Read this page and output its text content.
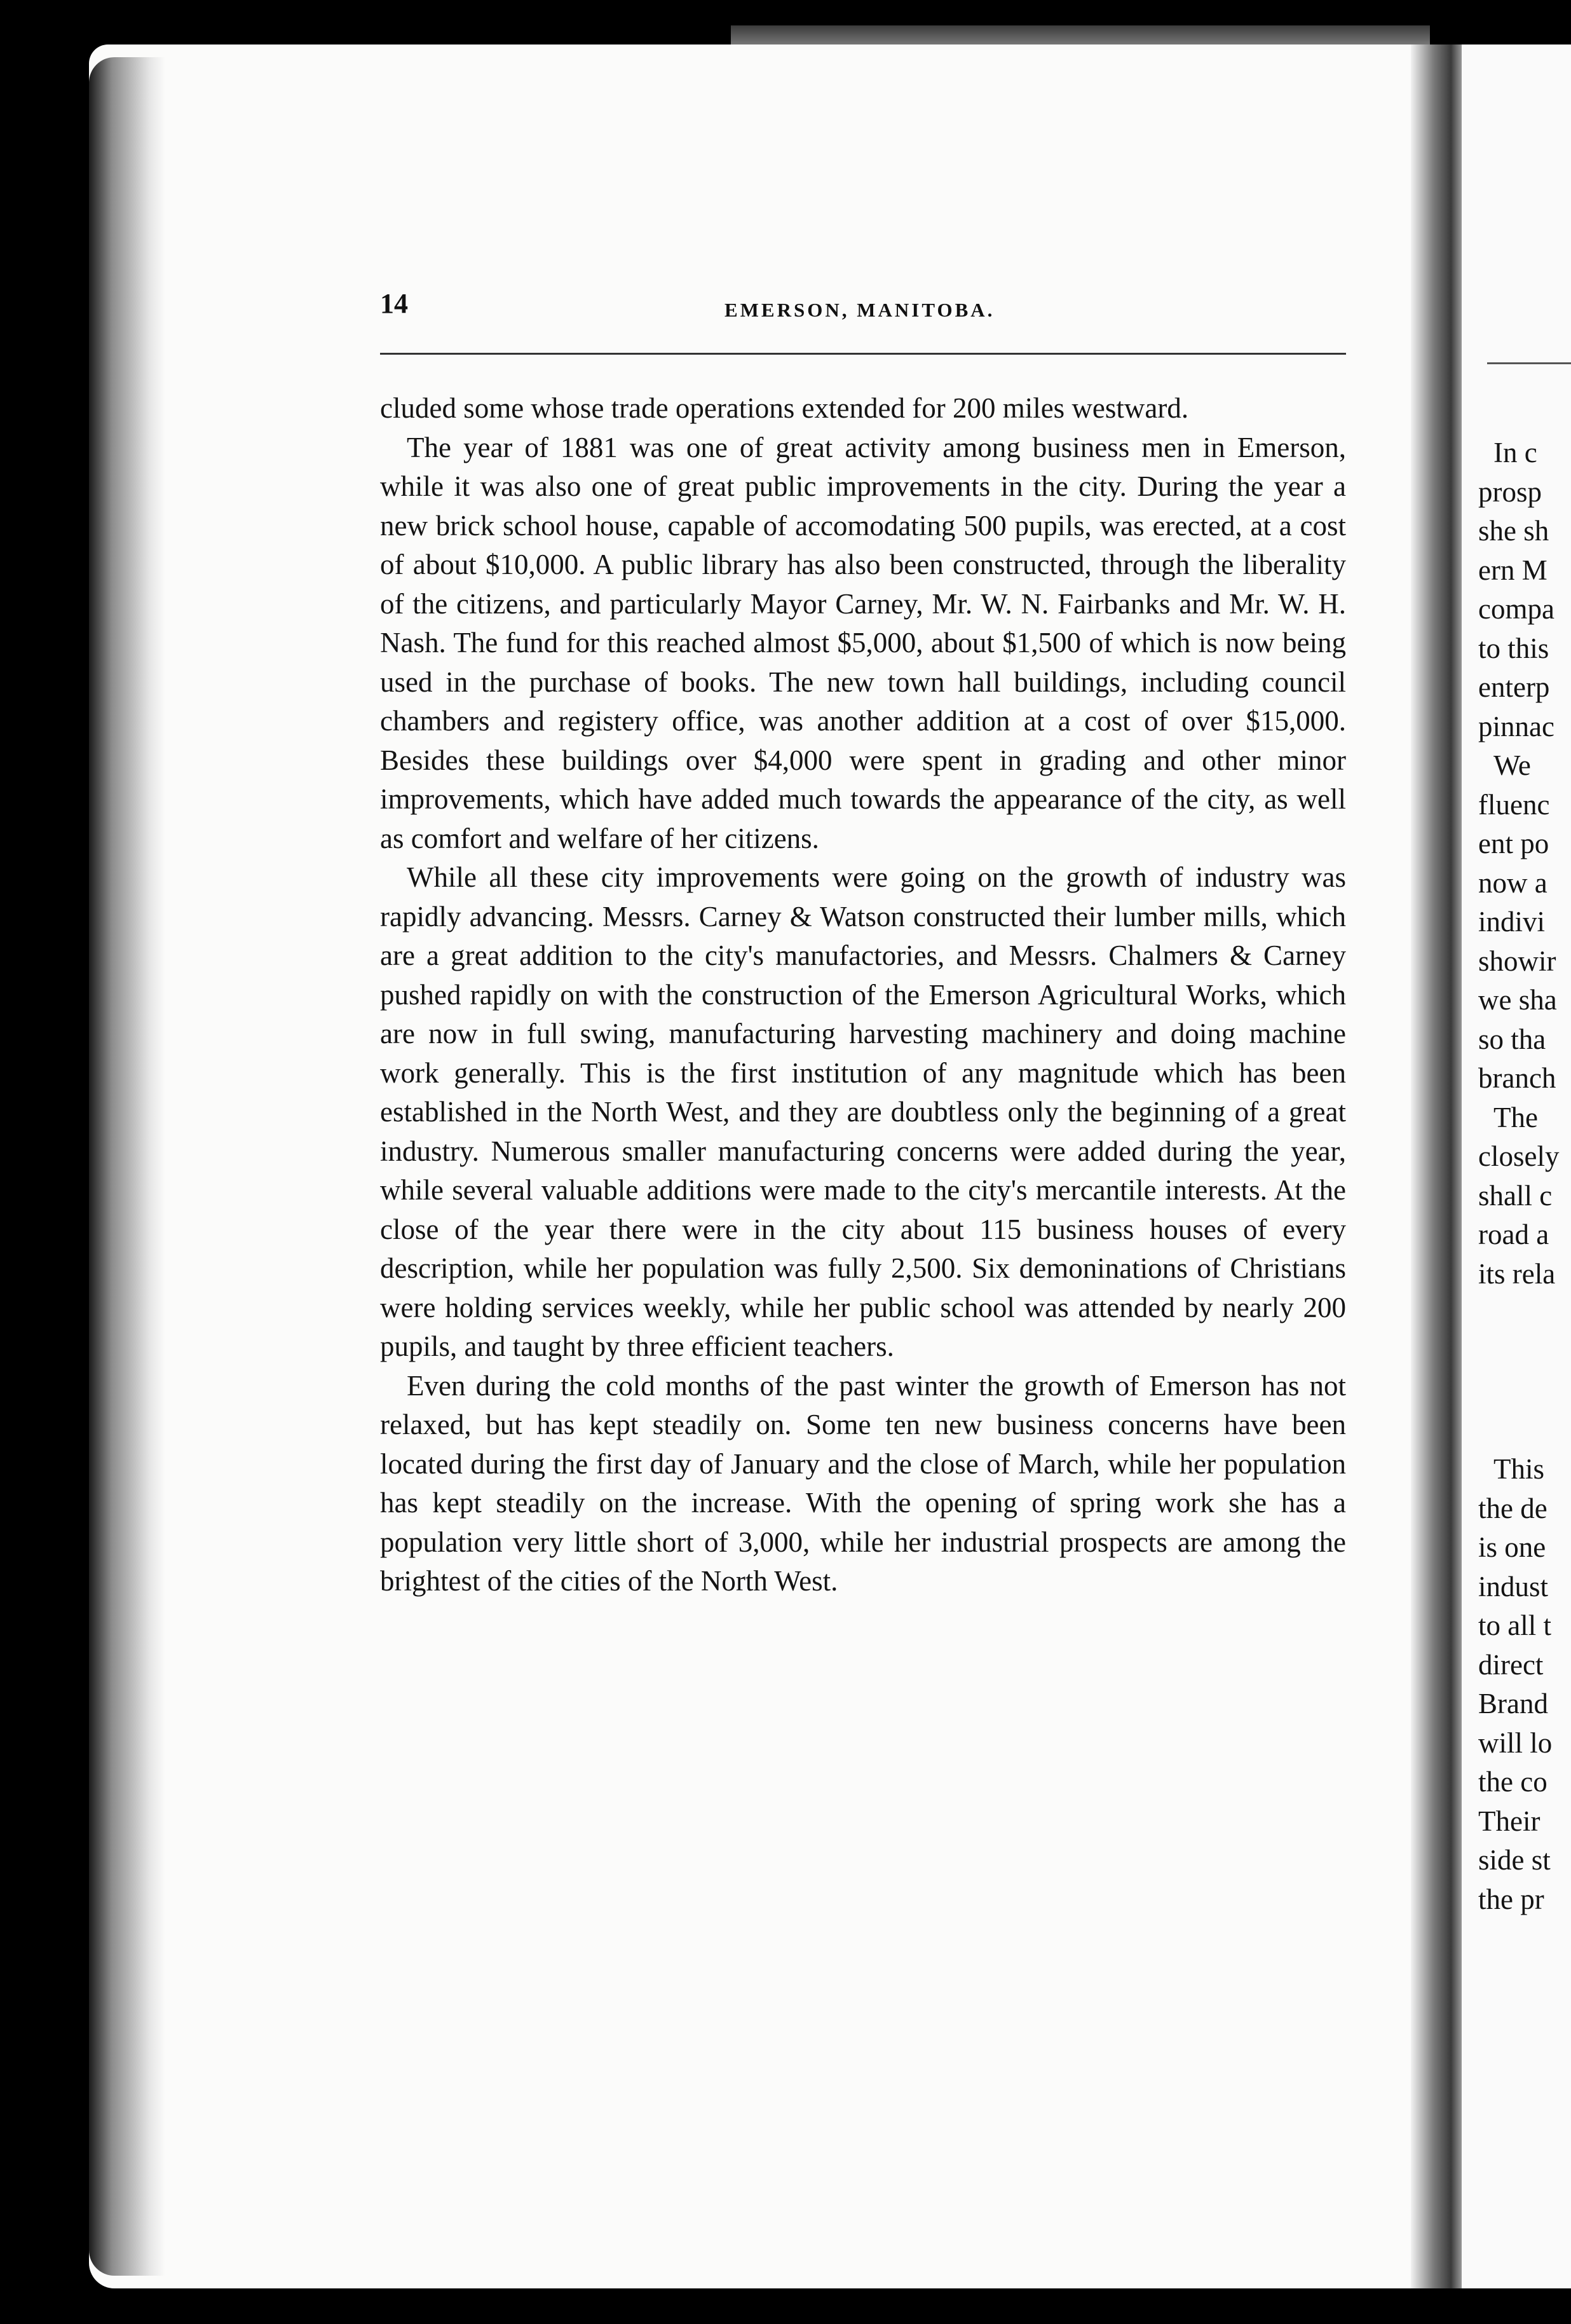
14	EMERSON, MANITOBA.

cluded some whose trade operations extended for 200 miles westward.

The year of 1881 was one of great activity among business men in Emerson, while it was also one of great public improvements in the city. During the year a new brick school house, capable of accomodating 500 pupils, was erected, at a cost of about $10,000. A public library has also been constructed, through the liberality of the citizens, and particularly Mayor Carney, Mr. W. N. Fairbanks and Mr. W. H. Nash. The fund for this reached almost $5,000, about $1,500 of which is now being used in the purchase of books. The new town hall buildings, including council chambers and registery office, was another addition at a cost of over $15,000. Besides these buildings over $4,000 were spent in grading and other minor improvements, which have added much towards the appearance of the city, as well as comfort and welfare of her citizens.

While all these city improvements were going on the growth of industry was rapidly advancing. Messrs. Carney & Watson constructed their lumber mills, which are a great addition to the city's manufactories, and Messrs. Chalmers & Carney pushed rapidly on with the construction of the Emerson Agricultural Works, which are now in full swing, manufacturing harvesting machinery and doing machine work generally. This is the first institution of any magnitude which has been established in the North West, and they are doubtless only the beginning of a great industry. Numerous smaller manufacturing concerns were added during the year, while several valuable additions were made to the city's mercantile interests. At the close of the year there were in the city about 115 business houses of every description, while her population was fully 2,500. Six demoninations of Christians were holding services weekly, while her public school was attended by nearly 200 pupils, and taught by three efficient teachers.

Even during the cold months of the past winter the growth of Emerson has not relaxed, but has kept steadily on. Some ten new business concerns have been located during the first day of January and the close of March, while her population has kept steadily on the increase. With the opening of spring work she has a population very little short of 3,000, while her industrial prospects are among the brightest of the cities of the North West.

In c
prosp
she sh
ern M
compa
to this
enterp
pinnac
We
fluenc
ent po
now a
indivi
showir
we sha
so tha
branch
The
closely
shall c
road a
its rela
This
the de
is one
indust
to all t
direct
Brand
will lo
the co
Their
side st
the pr
